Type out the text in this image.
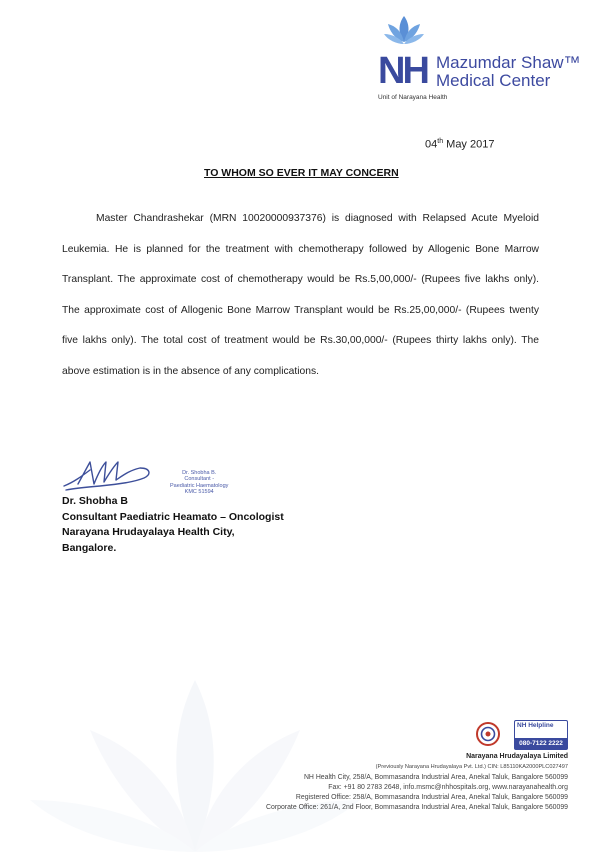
NH Mazumdar Shaw™
Medical Center
Unit of Narayana Health
04th May 2017
TO WHOM SO EVER IT MAY CONCERN
Master Chandrashekar (MRN 10020000937376) is diagnosed with Relapsed Acute Myeloid Leukemia. He is planned for the treatment with chemotherapy followed by Allogenic Bone Marrow Transplant. The approximate cost of chemotherapy would be Rs.5,00,000/- (Rupees five lakhs only). The approximate cost of Allogenic Bone Marrow Transplant would be Rs.25,00,000/- (Rupees twenty five lakhs only). The total cost of treatment would be Rs.30,00,000/- (Rupees thirty lakhs only). The above estimation is in the absence of any complications.
Dr. Shobha B.
Consultant -
Paediatric Haematology
KMC 51594
Dr. Shobha B
Consultant Paediatric Heamato – Oncologist
Narayana Hrudayalaya Health City,
Bangalore.
NH Helpline
080-7122 2222
Narayana Hrudayalaya Limited
(Previously Narayana Hrudayalaya Pvt. Ltd.) CIN: L85110KA2000PLC027497
NH Health City, 258/A, Bommasandra Industrial Area, Anekal Taluk, Bangalore 560099
Fax: +91 80 2783 2648, info.msmc@nhhospitals.org, www.narayanahealth.org
Registered Office: 258/A, Bommasandra Industrial Area, Anekal Taluk, Bangalore 560099
Corporate Office: 261/A, 2nd Floor, Bommasandra Industrial Area, Anekal Taluk, Bangalore 560099
